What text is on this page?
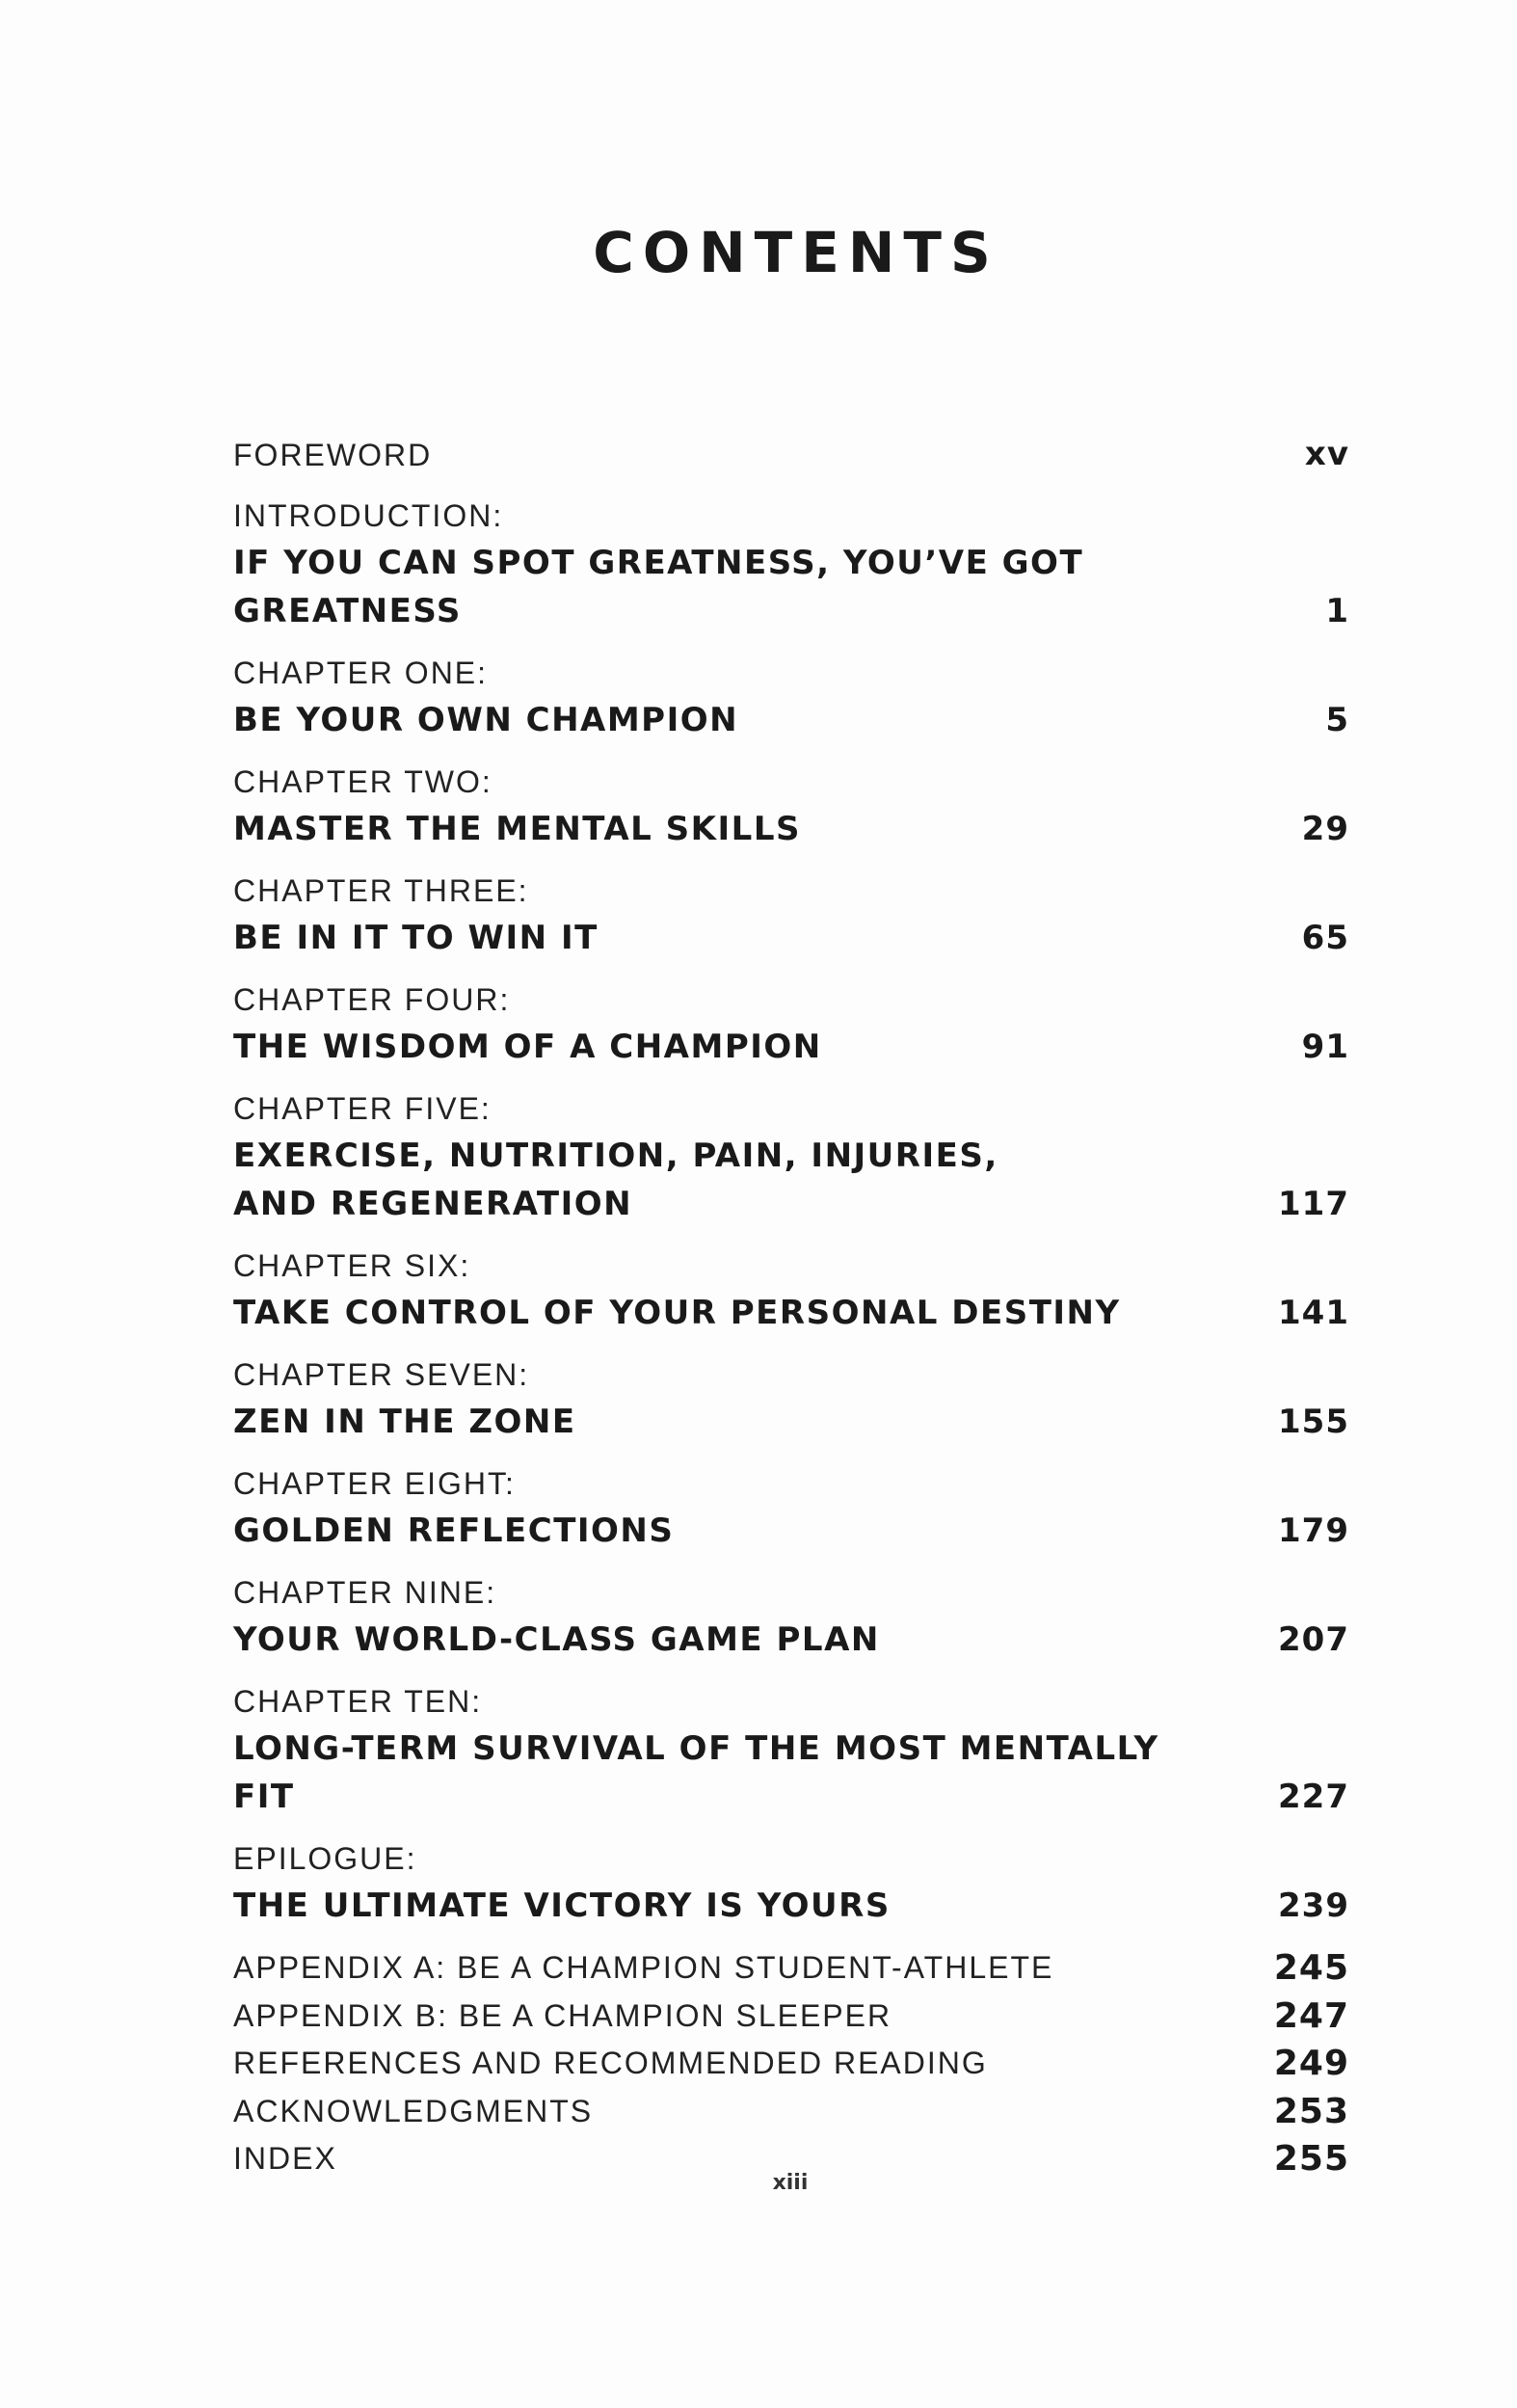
CONTENTS
FOREWORD	xv
INTRODUCTION:
IF YOU CAN SPOT GREATNESS, YOU’VE GOT GREATNESS	1
CHAPTER ONE:
BE YOUR OWN CHAMPION	5
CHAPTER TWO:
MASTER THE MENTAL SKILLS	29
CHAPTER THREE:
BE IN IT TO WIN IT	65
CHAPTER FOUR:
THE WISDOM OF A CHAMPION	91
CHAPTER FIVE:
EXERCISE, NUTRITION, PAIN, INJURIES,
AND REGENERATION	117
CHAPTER SIX:
TAKE CONTROL OF YOUR PERSONAL DESTINY	141
CHAPTER SEVEN:
ZEN IN THE ZONE	155
CHAPTER EIGHT:
GOLDEN REFLECTIONS	179
CHAPTER NINE:
YOUR WORLD-CLASS GAME PLAN	207
CHAPTER TEN:
LONG-TERM SURVIVAL OF THE MOST MENTALLY FIT	227
EPILOGUE:
THE ULTIMATE VICTORY IS YOURS	239
APPENDIX A: BE A CHAMPION STUDENT-ATHLETE	245
APPENDIX B: BE A CHAMPION SLEEPER	247
REFERENCES AND RECOMMENDED READING	249
ACKNOWLEDGMENTS	253
INDEX	255
xiii
